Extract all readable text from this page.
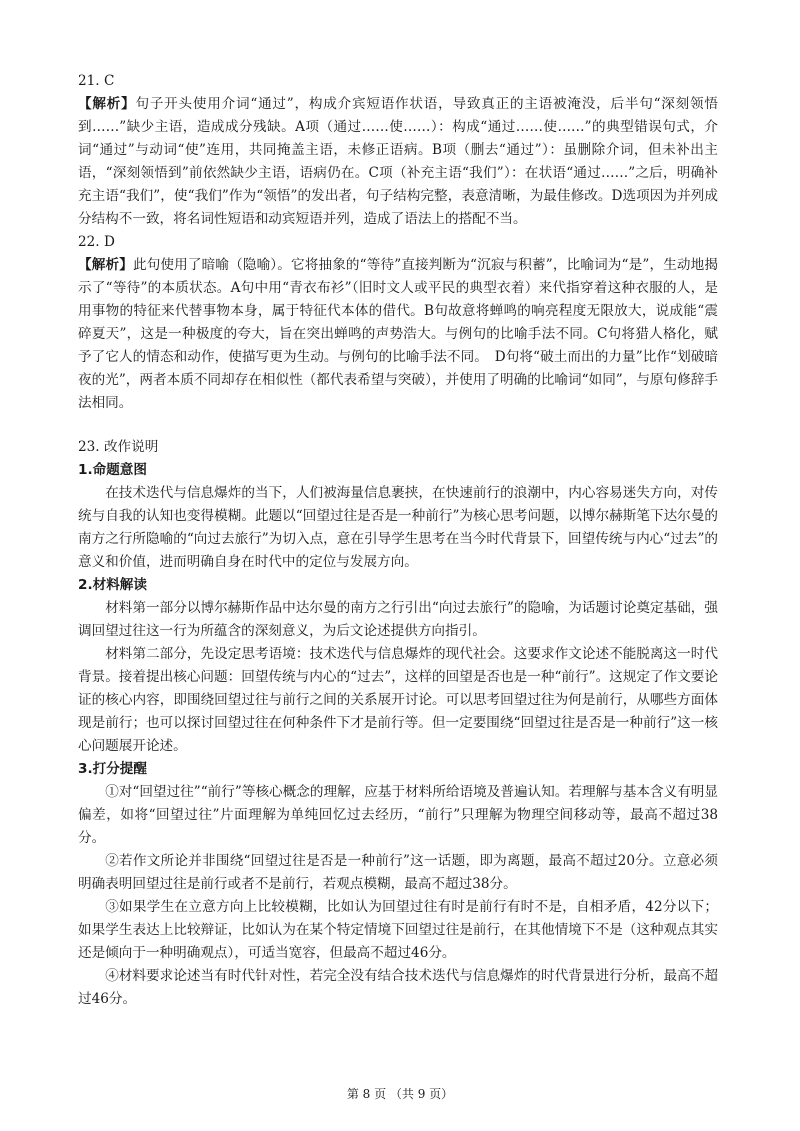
21. C

【解析】句子开头使用介词“通过”，构成介宾短语作状语，导致真正的主语被淹没，后半句“深刻领悟到……”缺少主语，造成成分残缺。A项（通过……使……）：构成“通过……使……”的典型错误句式，介词“通过”与动词“使”连用，共同掩盖主语，未修正语病。B项（删去“通过”）：虽删除介词，但未补出主语，“深刻领悟到”前依然缺少主语，语病仍在。C项（补充主语“我们”）：在状语“通过……”之后，明确补充主语“我们”，使“我们”作为“领悟”的发出者，句子结构完整，表意清晰，为最佳修改。D选项因为并列成分结构不一致，将名词性短语和动宾短语并列，造成了语法上的搭配不当。

22. D

【解析】此句使用了暗喻（隐喻）。它将抽象的“等待”直接判断为“沉寂与积蓄”，比喻词为“是”，生动地揭示了“等待”的本质状态。A句中用“青衣布衫”（旧时文人或平民的典型衣着）来代指穿着这种衣服的人，是用事物的特征来代替事物本身，属于特征代本体的借代。B句故意将蝉鸣的响亮程度无限放大，说成能“震碎夏天”，这是一种极度的夸大，旨在突出蝉鸣的声势浩大。与例句的比喻手法不同。C句将猎人格化，赋予了它人的情态和动作，使描写更为生动。与例句的比喻手法不同。　D句将“破土而出的力量”比作“划破暗夜的光”，两者本质不同却存在相似性（都代表希望与突破），并使用了明确的比喻词“如同”，与原句修辞手法相同。

23. 改作说明

1.命题意图

在技术迭代与信息爆炸的当下，人们被海量信息裹挟，在快速前行的浪潮中，内心容易迷失方向，对传统与自我的认知也变得模糊。此题以“回望过往是否是一种前行”为核心思考问题，以博尔赫斯笔下达尔曼的南方之行所隐喻的“向过去旅行”为切入点，意在引导学生思考在当今时代背景下，回望传统与内心“过去”的意义和价值，进而明确自身在时代中的定位与发展方向。

2.材料解读

材料第一部分以博尔赫斯作品中达尔曼的南方之行引出“向过去旅行”的隐喻，为话题讨论奠定基础，强调回望过往这一行为所蕴含的深刻意义，为后文论述提供方向指引。

材料第二部分，先设定思考语境：技术迭代与信息爆炸的现代社会。这要求作文论述不能脱离这一时代背景。接着提出核心问题：回望传统与内心的“过去”，这样的回望是否也是一种“前行”。这规定了作文要论证的核心内容，即围绕回望过往与前行之间的关系展开讨论。可以思考回望过往为何是前行，从哪些方面体现是前行；也可以探讨回望过往在何种条件下才是前行等。但一定要围绕“回望过往是否是一种前行”这一核心问题展开论述。

3.打分提醒

①对“回望过往”“前行”等核心概念的理解，应基于材料所给语境及普遍认知。若理解与基本含义有明显偏差，如将“回望过往”片面理解为单纯回忆过去经历，“前行”只理解为物理空间移动等，最高不超过38分。

②若作文所论并非围绕“回望过往是否是一种前行”这一话题，即为离题，最高不超过20分。立意必须明确表明回望过往是前行或者不是前行，若观点模糊，最高不超过38分。

③如果学生在立意方向上比较模糊，比如认为回望过往有时是前行有时不是，自相矛盾，42分以下；如果学生表达上比较辩证，比如认为在某个特定情境下回望过往是前行，在其他情境下不是（这种观点其实还是倾向于一种明确观点），可适当宽容，但最高不超过46分。

④材料要求论述当有时代针对性，若完全没有结合技术迭代与信息爆炸的时代背景进行分析，最高不超过46分。

第 8 页 （共 9 页）
